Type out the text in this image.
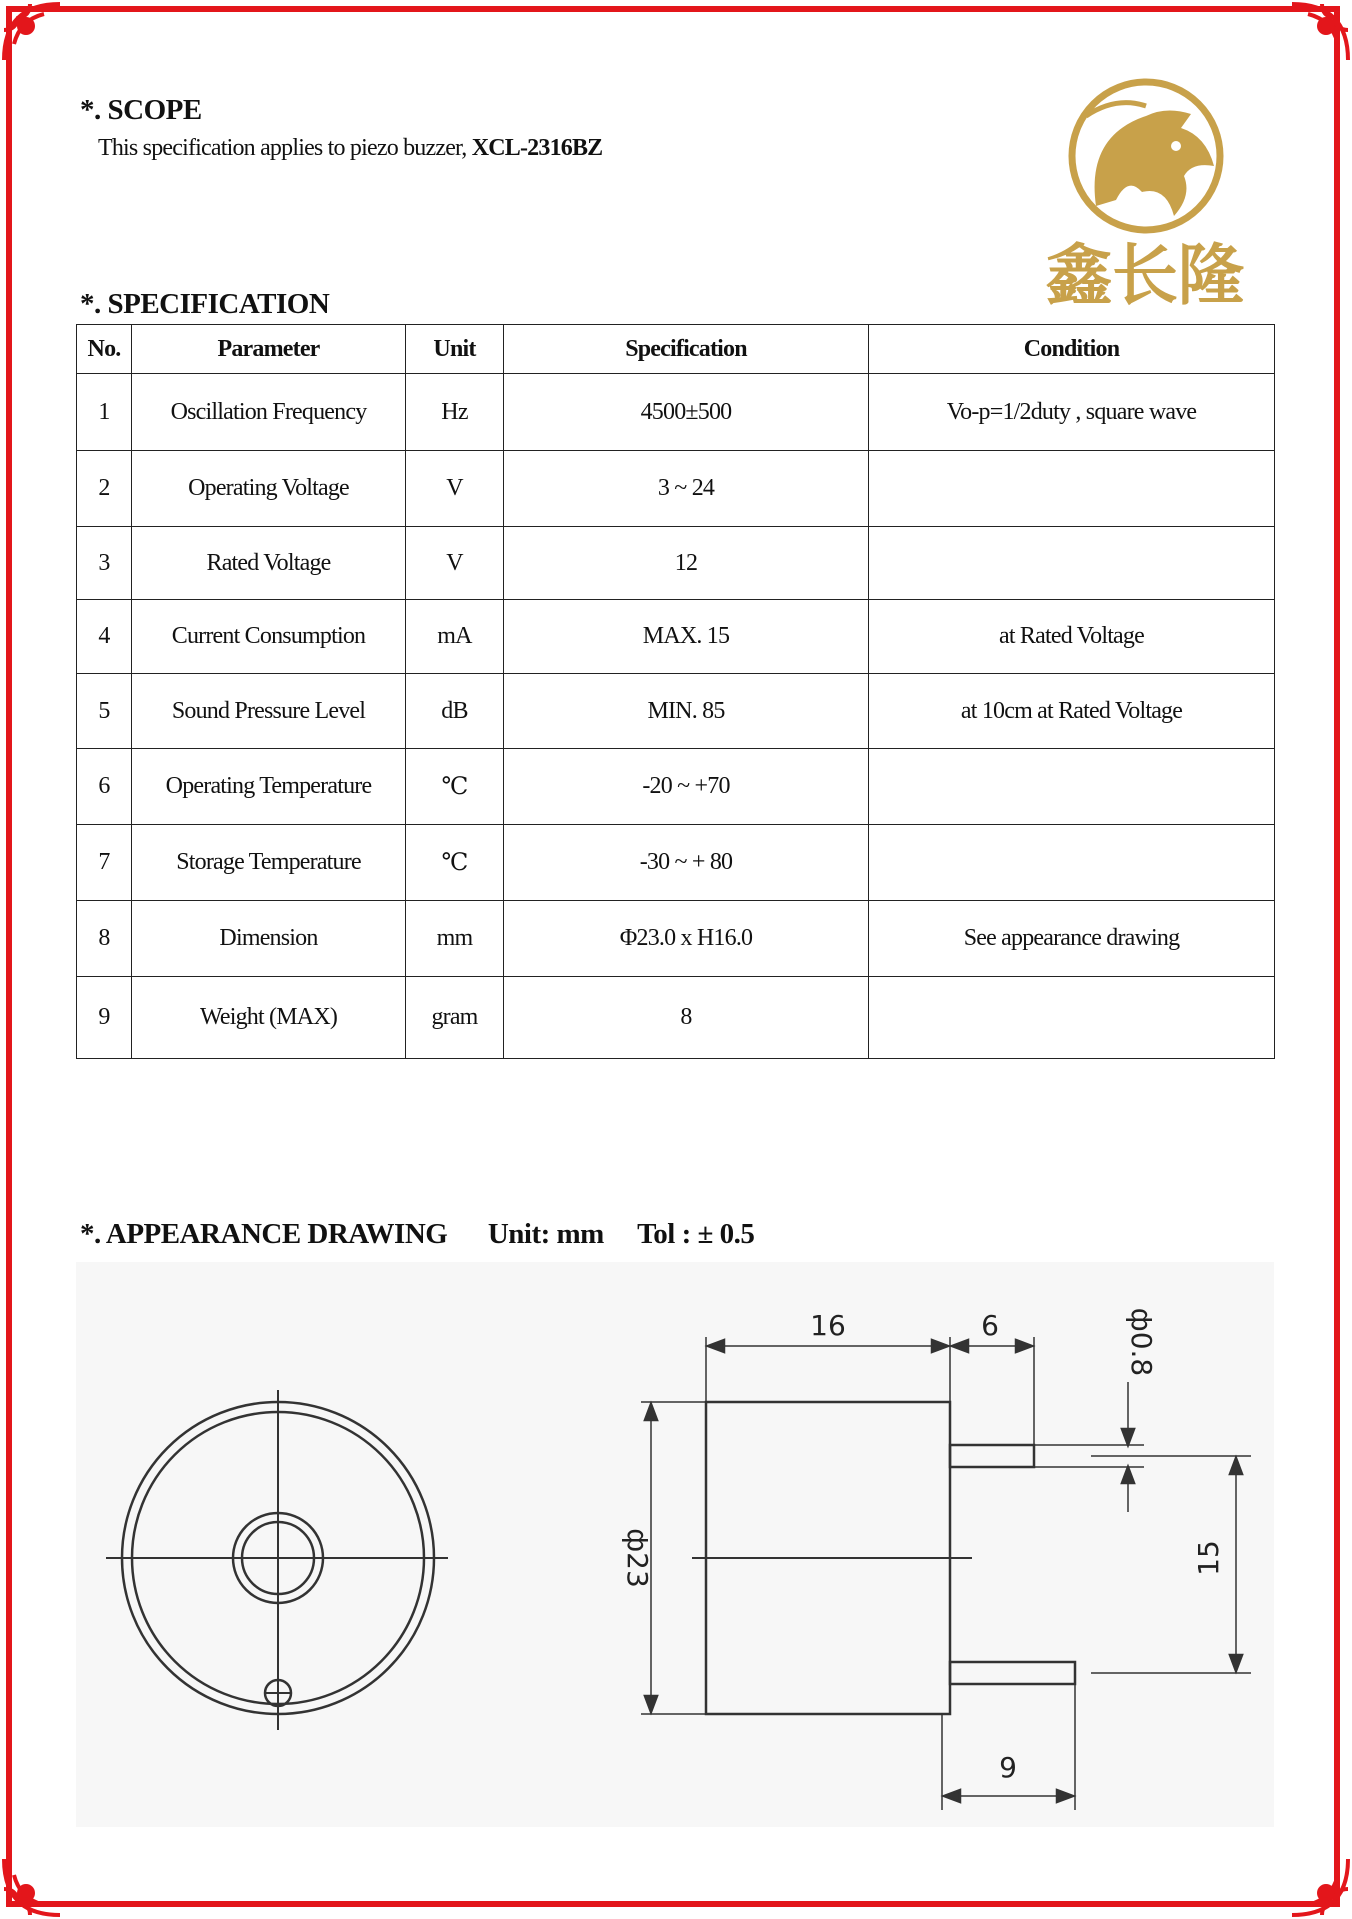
*. SCOPE
This specification applies to piezo buzzer, XCL-2316BZ
鑫长隆
*. SPECIFICATION
No.	Parameter	Unit	Specification	Condition
1	Oscillation Frequency	Hz	4500±500	Vo-p=1/2duty , square wave
2	Operating Voltage	V	3 ~ 24	
3	Rated Voltage	V	12	
4	Current Consumption	mA	MAX. 15	at Rated Voltage
5	Sound Pressure Level	dB	MIN. 85	at 10cm at Rated Voltage
6	Operating Temperature	℃	-20 ~ +70	
7	Storage Temperature	℃	-30 ~ + 80	
8	Dimension	mm	Φ23.0 x H16.0	See appearance drawing
9	Weight (MAX)	gram	8	
*. APPEARANCE DRAWING Unit: mm Tol : ± 0.5
16	6	ф0.8
ф23	15
9
